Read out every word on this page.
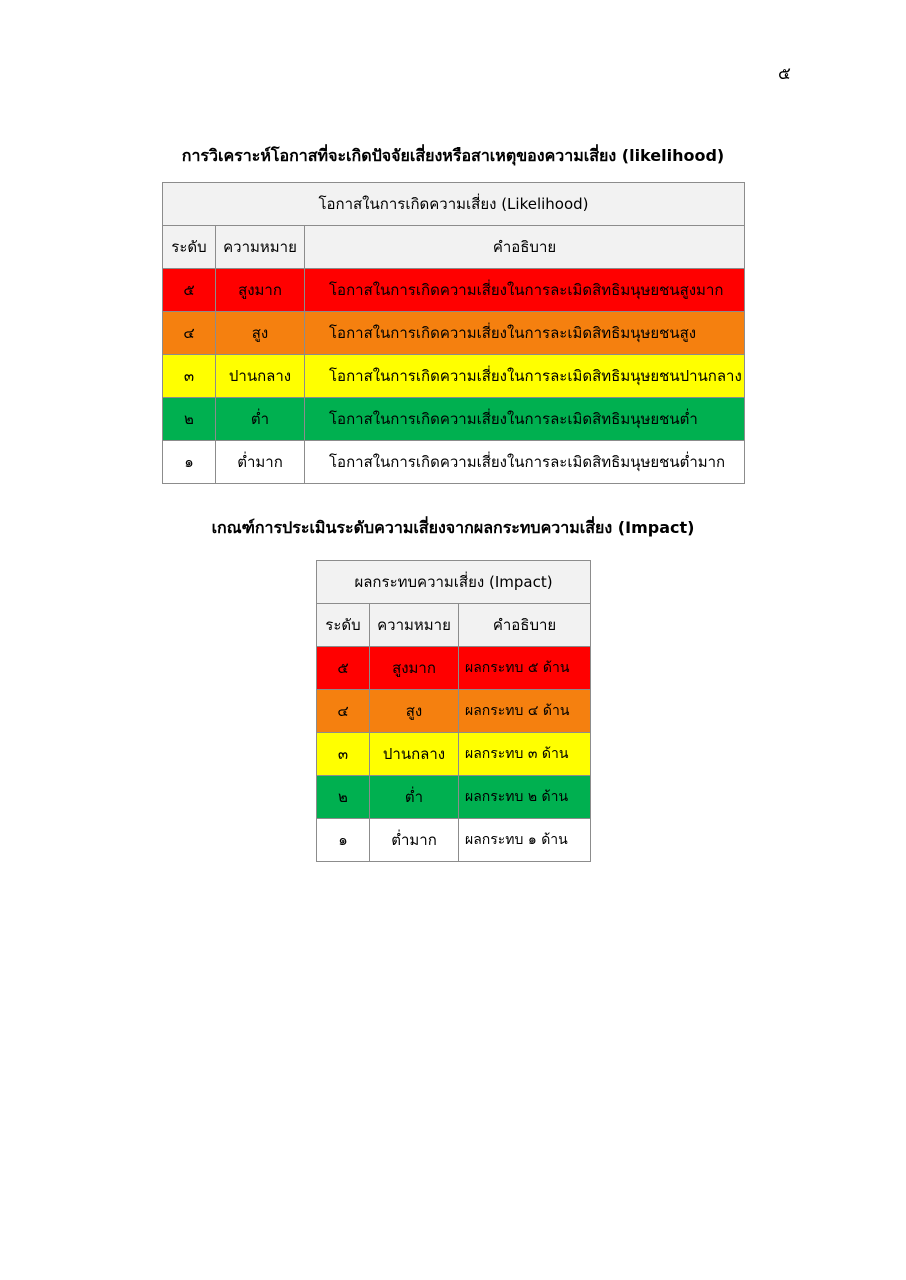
๕
การวิเคราะห์โอกาสที่จะเกิดปัจจัยเสี่ยงหรือสาเหตุของความเสี่ยง (likelihood)
โอกาสในการเกิดความเสี่ยง (Likelihood)		
ระดับ	ความหมาย	คำอธิบาย
๕	สูงมาก	โอกาสในการเกิดความเสี่ยงในการละเมิดสิทธิมนุษยชนสูงมาก
๔	สูง	โอกาสในการเกิดความเสี่ยงในการละเมิดสิทธิมนุษยชนสูง
๓	ปานกลาง	โอกาสในการเกิดความเสี่ยงในการละเมิดสิทธิมนุษยชนปานกลาง
๒	ต่ำ	โอกาสในการเกิดความเสี่ยงในการละเมิดสิทธิมนุษยชนต่ำ
๑	ต่ำมาก	โอกาสในการเกิดความเสี่ยงในการละเมิดสิทธิมนุษยชนต่ำมาก
เกณฑ์การประเมินระดับความเสี่ยงจากผลกระทบความเสี่ยง (Impact)
ผลกระทบความเสี่ยง (Impact)		
ระดับ	ความหมาย	คำอธิบาย
๕	สูงมาก	ผลกระทบ ๕ ด้าน
๔	สูง	ผลกระทบ ๔ ด้าน
๓	ปานกลาง	ผลกระทบ ๓ ด้าน
๒	ต่ำ	ผลกระทบ ๒ ด้าน
๑	ต่ำมาก	ผลกระทบ ๑ ด้าน
